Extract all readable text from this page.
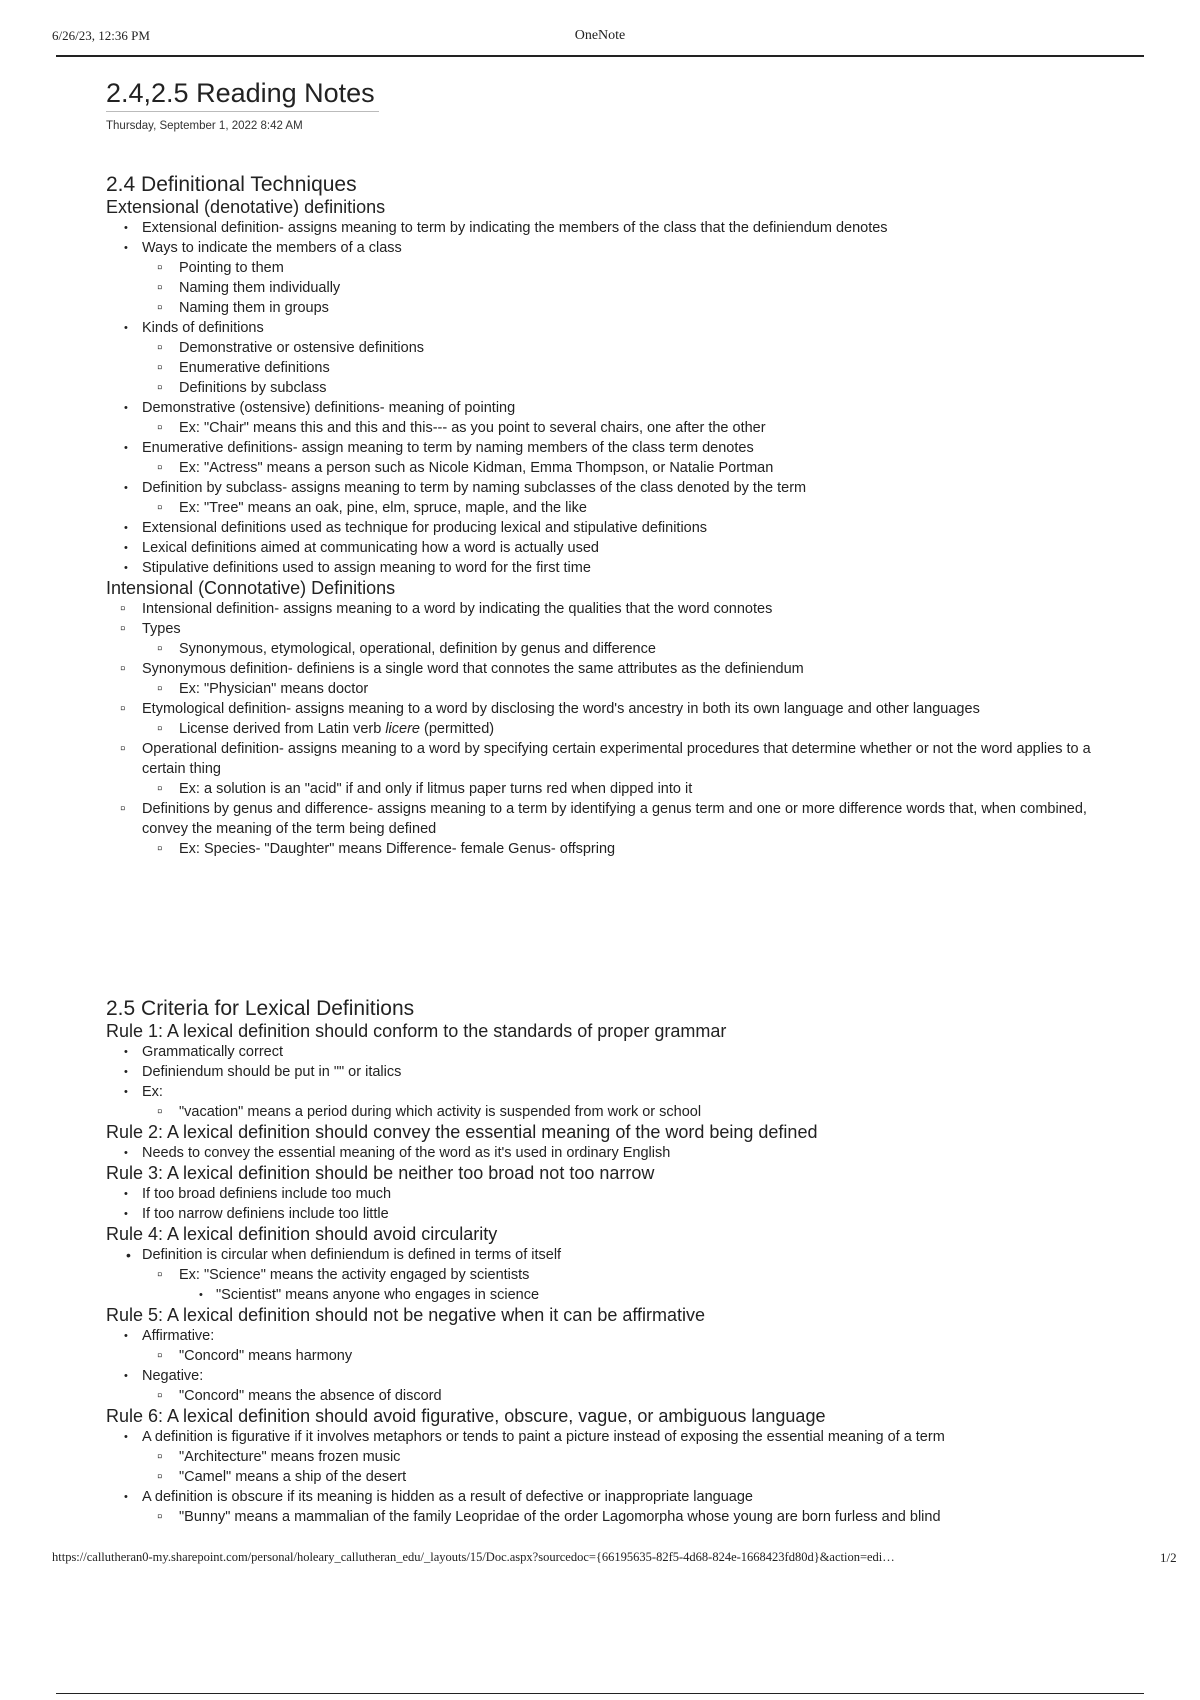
6/26/23, 12:36 PM	OneNote
2.4,2.5 Reading Notes
Thursday, September 1, 2022 8:42 AM
2.4 Definitional Techniques
Extensional (denotative) definitions
• Extensional definition- assigns meaning to term by indicating the members of the class that the definiendum denotes
• Ways to indicate the members of a class
▫ Pointing to them
▫ Naming them individually
▫ Naming them in groups
• Kinds of definitions
▫ Demonstrative or ostensive definitions
▫ Enumerative definitions
▫ Definitions by subclass
• Demonstrative (ostensive) definitions- meaning of pointing
▫ Ex: "Chair" means this and this and this--- as you point to several chairs, one after the other
• Enumerative definitions- assign meaning to term by naming members of the class term denotes
▫ Ex: "Actress" means a person such as Nicole Kidman, Emma Thompson, or Natalie Portman
• Definition by subclass- assigns meaning to term by naming subclasses of the class denoted by the term
▫ Ex: "Tree" means an oak, pine, elm, spruce, maple, and the like
• Extensional definitions used as technique for producing lexical and stipulative definitions
• Lexical definitions aimed at communicating how a word is actually used
• Stipulative definitions used to assign meaning to word for the first time
Intensional (Connotative) Definitions
▫ Intensional definition- assigns meaning to a word by indicating the qualities that the word connotes
▫ Types
▫ Synonymous, etymological, operational, definition by genus and difference
▫ Synonymous definition- definiens is a single word that connotes the same attributes as the definiendum
▫ Ex: "Physician" means doctor
▫ Etymological definition- assigns meaning to a word by disclosing the word's ancestry in both its own language and other languages
▫ License derived from Latin verb licere (permitted)
▫ Operational definition- assigns meaning to a word by specifying certain experimental procedures that determine whether or not the word applies to a certain thing
▫ Ex: a solution is an "acid" if and only if litmus paper turns red when dipped into it
▫ Definitions by genus and difference- assigns meaning to a term by identifying a genus term and one or more difference words that, when combined, convey the meaning of the term being defined
▫ Ex: Species- "Daughter" means Difference- female Genus- offspring
2.5 Criteria for Lexical Definitions
Rule 1: A lexical definition should conform to the standards of proper grammar
• Grammatically correct
• Definiendum should be put in "" or italics
• Ex:
▫ "vacation" means a period during which activity is suspended from work or school
Rule 2: A lexical definition should convey the essential meaning of the word being defined
• Needs to convey the essential meaning of the word as it's used in ordinary English
Rule 3: A lexical definition should be neither too broad not too narrow
• If too broad definiens include too much
• If too narrow definiens include too little
Rule 4: A lexical definition should avoid circularity
• Definition is circular when definiendum is defined in terms of itself
▫ Ex: "Science" means the activity engaged by scientists
• "Scientist" means anyone who engages in science
Rule 5: A lexical definition should not be negative when it can be affirmative
• Affirmative:
▫ "Concord" means harmony
• Negative:
▫ "Concord" means the absence of discord
Rule 6: A lexical definition should avoid figurative, obscure, vague, or ambiguous language
• A definition is figurative if it involves metaphors or tends to paint a picture instead of exposing the essential meaning of a term
▫ "Architecture" means frozen music
▫ "Camel" means a ship of the desert
• A definition is obscure if its meaning is hidden as a result of defective or inappropriate language
▫ "Bunny" means a mammalian of the family Leopridae of the order Lagomorpha whose young are born furless and blind
https://callutheran0-my.sharepoint.com/personal/holeary_callutheran_edu/_layouts/15/Doc.aspx?sourcedoc={66195635-82f5-4d68-824e-1668423fd80d}&action=edi…	1/2
